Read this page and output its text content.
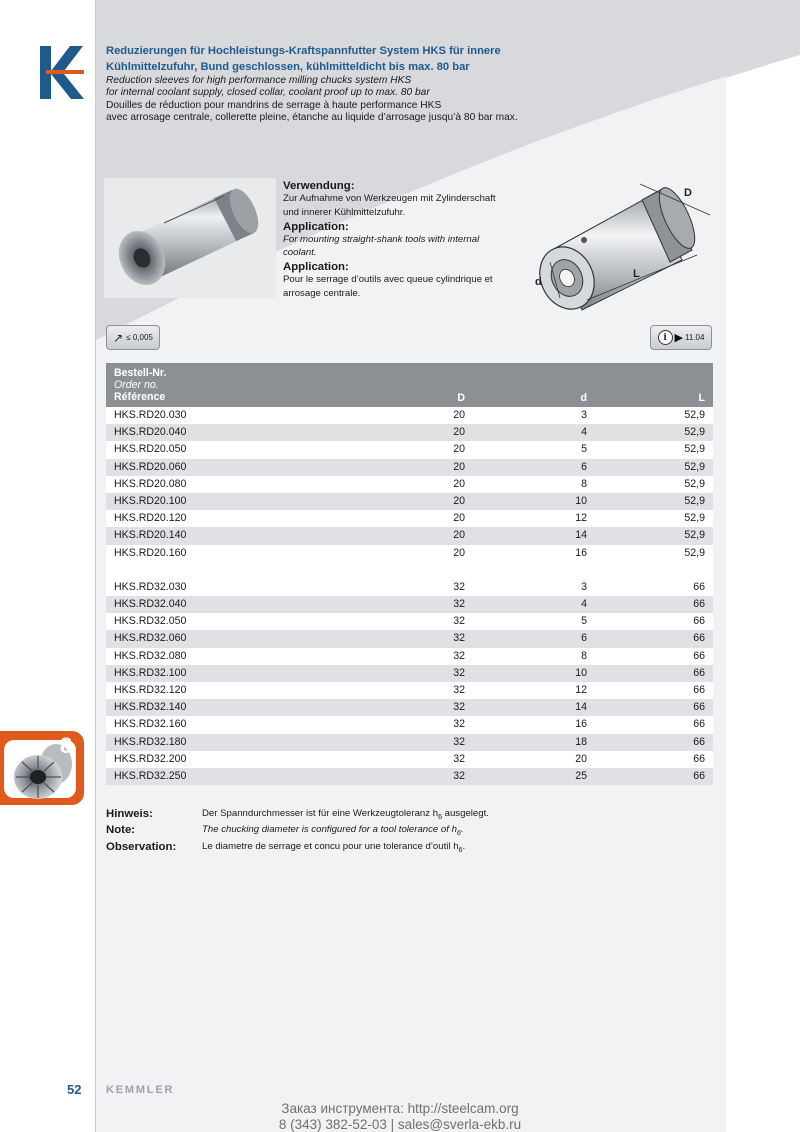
Reduzierungen für Hochleistungs-Kraftspannfutter System HKS für innere
Kühlmittelzufuhr, Bund geschlossen, kühlmitteldicht bis max. 80 bar
Reduction sleeves for high performance milling chucks system HKS
for internal coolant supply, closed collar, coolant proof up to max. 80 bar
Douilles de réduction pour mandrins de serrage à haute performance HKS
avec arrosage centrale, collerette pleine, étanche au liquide d’arrosage jusqu’à 80 bar max.
Verwendung:
Zur Aufnahme von Werkzeugen mit Zylinderschaft
und innerer Kühlmittelzufuhr.
Application:
For mounting straight-shank tools with internal
coolant.
Application:
Pour le serrage d’outils avec queue cylindrique et
arrosage centrale.
D
L
d
↗ ≤ 0,005	i ▶ 11.04
Bestell-Nr.
Order no.
Référence	D	d	L
HKS.RD20.030	20	3	52,9
HKS.RD20.040	20	4	52,9
HKS.RD20.050	20	5	52,9
HKS.RD20.060	20	6	52,9
HKS.RD20.080	20	8	52,9
HKS.RD20.100	20	10	52,9
HKS.RD20.120	20	12	52,9
HKS.RD20.140	20	14	52,9
HKS.RD20.160	20	16	52,9
HKS.RD32.030	32	3	66
HKS.RD32.040	32	4	66
HKS.RD32.050	32	5	66
HKS.RD32.060	32	6	66
HKS.RD32.080	32	8	66
HKS.RD32.100	32	10	66
HKS.RD32.120	32	12	66
HKS.RD32.140	32	14	66
HKS.RD32.160	32	16	66
HKS.RD32.180	32	18	66
HKS.RD32.200	32	20	66
HKS.RD32.250	32	25	66
Hinweis:	Der Spanndurchmesser ist für eine Werkzeugtoleranz $h_6$ ausgelegt.
Note:	The chucking diameter is configured for a tool tolerance of $h_6$.
Observation:	Le diametre de serrage et concu pour une tolerance d’outil $h_6$.
8
52 KEMMLER
Заказ инструмента: http://steelcam.org
8 (343) 382-52-03 | sales@sverla-ekb.ru
